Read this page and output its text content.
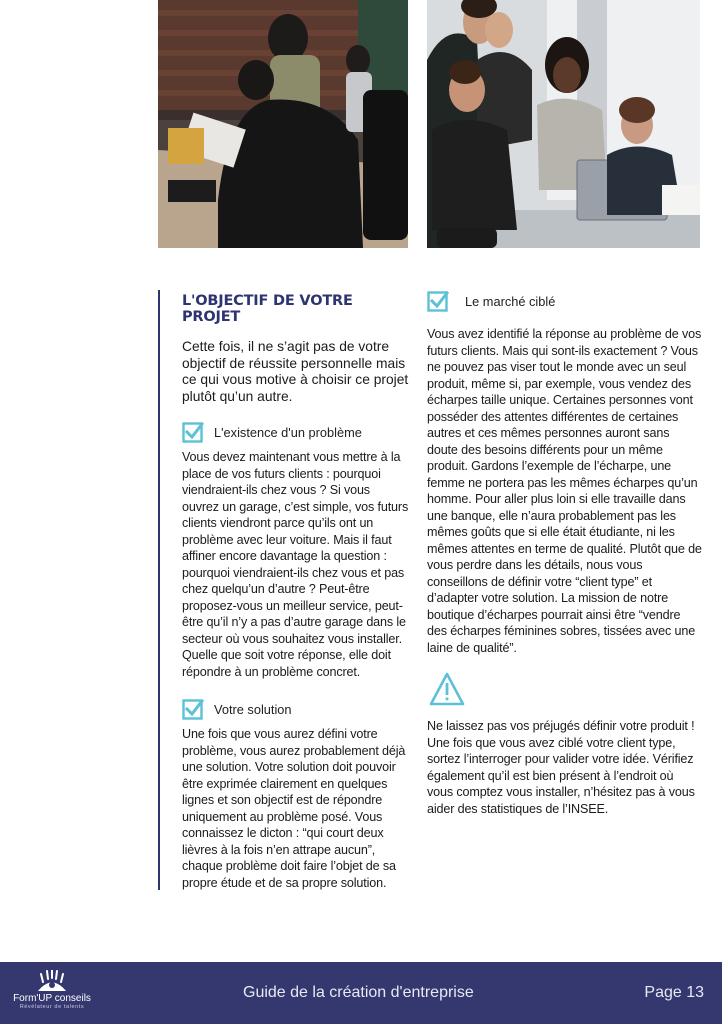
L'OBJECTIF DE VOTRE PROJET

Cette fois, il ne s’agit pas de votre objectif de réussite personnelle mais ce qui vous motive à choisir ce projet plutôt qu’un autre.

L'existence d'un problème

Vous devez maintenant vous mettre à la place de vos futurs clients : pourquoi viendraient-ils chez vous ? Si vous ouvrez un garage, c’est simple, vos futurs clients viendront parce qu’ils ont un problème avec leur voiture. Mais il faut affiner encore davantage la question : pourquoi viendraient-ils chez vous et pas chez quelqu’un d’autre ? Peut-être proposez-vous un meilleur service, peut-être qu’il n’y a pas d’autre garage dans le secteur où vous souhaitez vous installer. Quelle que soit votre réponse, elle doit répondre à un problème concret.

Votre solution

Une fois que vous aurez défini votre problème, vous aurez probablement déjà une solution. Votre solution doit pouvoir être exprimée clairement en quelques lignes et son objectif est de répondre uniquement au problème posé. Vous connaissez le dicton : “qui court deux lièvres à la fois n’en attrape aucun”, chaque problème doit faire l’objet de sa propre étude et de sa propre solution.

Le marché ciblé

Vous avez identifié la réponse au problème de vos futurs clients. Mais qui sont-ils exactement ? Vous ne pouvez pas viser tout le monde avec un seul produit, même si, par exemple, vous vendez des écharpes taille unique. Certaines personnes vont posséder des attentes différentes de certaines autres et ces mêmes personnes auront sans doute des besoins différents pour un même produit. Gardons l’exemple de l’écharpe, une femme ne portera pas les mêmes écharpes qu’un homme. Pour aller plus loin si elle travaille dans une banque, elle n’aura probablement pas les mêmes goûts que si elle était étudiante, ni les mêmes attentes en terme de qualité. Plutôt que de vous perdre dans les détails, nous vous conseillons de définir votre “client type” et d’adapter votre solution. La mission de notre boutique d’écharpes pourrait ainsi être “vendre des écharpes féminines sobres, tissées avec une laine de qualité”.

Ne laissez pas vos préjugés définir votre produit ! Une fois que vous avez ciblé votre client type, sortez l’interroger pour valider votre idée. Vérifiez également qu’il est bien présent à l’endroit où vous comptez vous installer, n’hésitez pas à vous aider des statistiques de l’INSEE.

Form'UP conseils
Révélateur de talents
Guide de la création d'entreprise	Page 13
